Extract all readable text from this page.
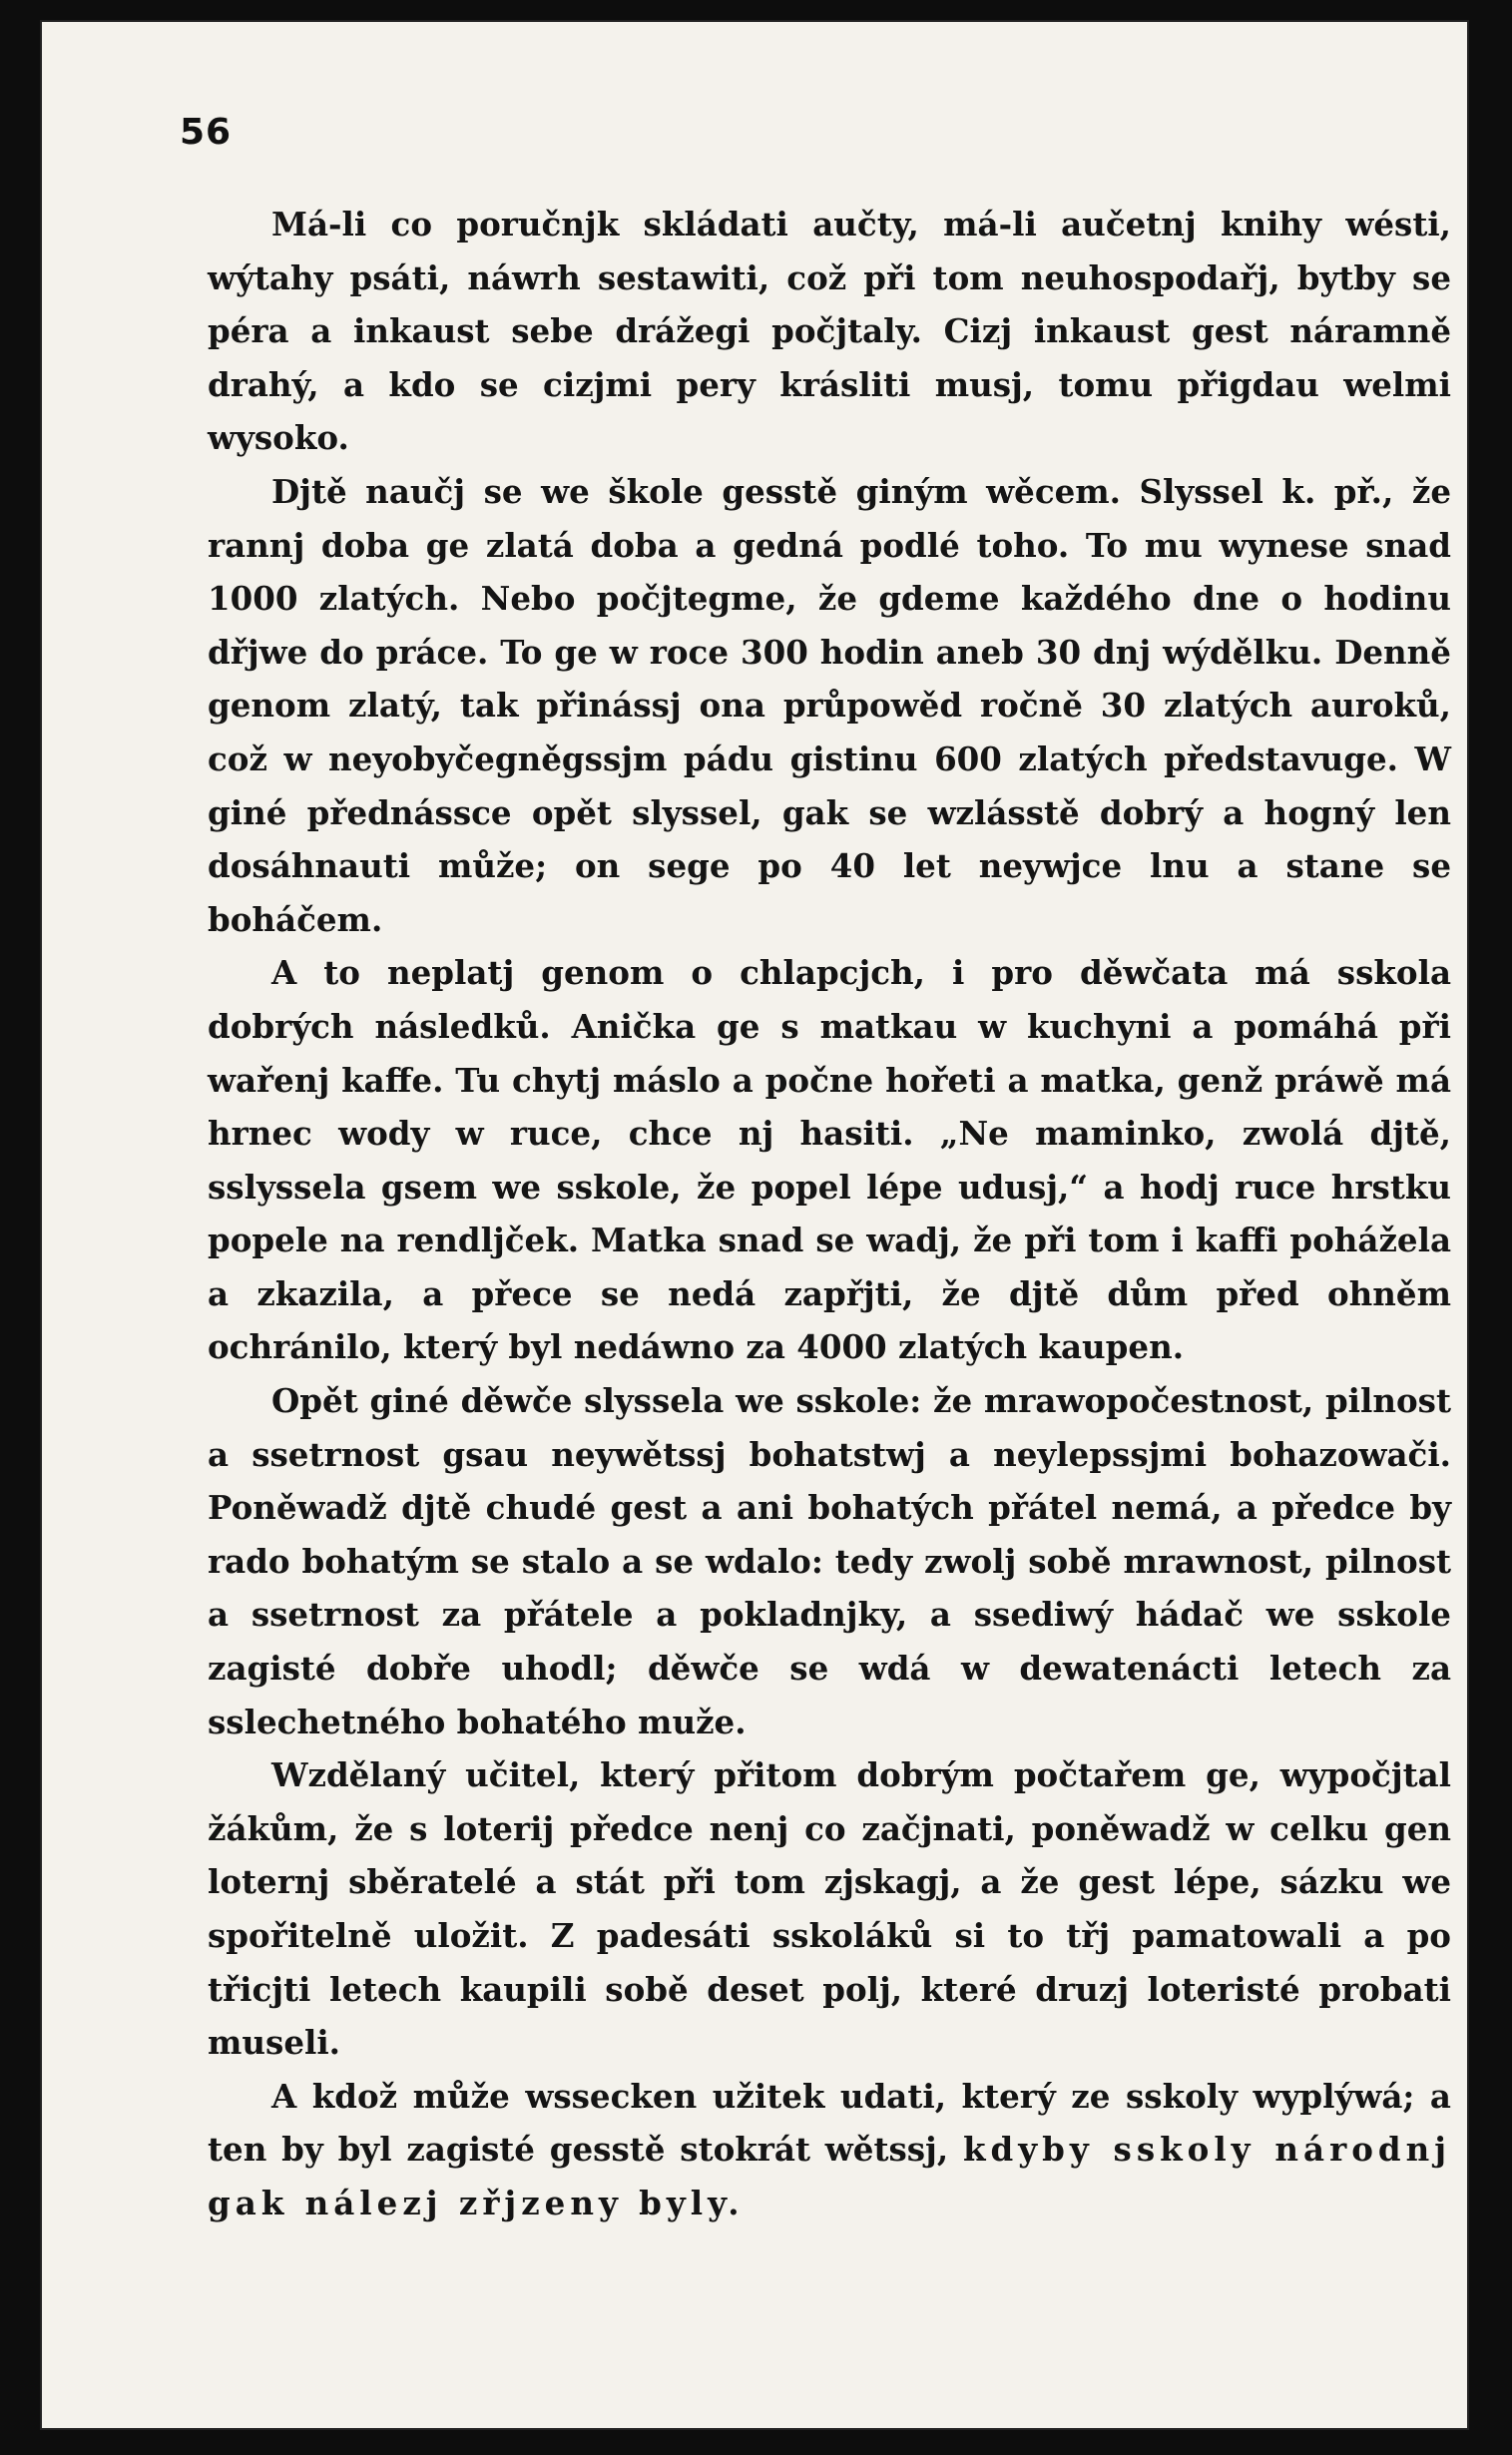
56

Má-li co poručnjk skládati aučty, má-li aučetnj knihy wésti, wýtahy psáti, náwrh sestawiti, což při tom neuhospodařj, bytby se péra a inkaust sebe drážegi počjtaly. Cizj inkaust gest náramně drahý, a kdo se cizjmi pery krásliti musj, tomu přigdau welmi wysoko.

Djtě naučj se we škole gesstě giným wěcem. Slyssel k. př., že rannj doba ge zlatá doba a gedná podlé toho. To mu wynese snad 1000 zlatých. Nebo počjtegme, že gdeme každého dne o hodinu dřjwe do práce. To ge w roce 300 hodin aneb 30 dnj wýdělku. Denně genom zlatý, tak přinássj ona průpowěd ročně 30 zlatých auroků, což w neyobyčegněgssjm pádu gistinu 600 zlatých představuge. W giné přednássce opět slyssel, gak se wzlásstě dobrý a hogný len dosáhnauti může; on sege po 40 let neywjce lnu a stane se boháčem.

A to neplatj genom o chlapcjch, i pro děwčata má sskola dobrých následků. Anička ge s matkau w kuchyni a pomáhá při wařenj kaffe. Tu chytj máslo a počne hořeti a matka, genž práwě má hrnec wody w ruce, chce nj hasiti. „Ne maminko, zwolá djtě, sslyssela gsem we sskole, že popel lépe udusj,“ a hodj ruce hrstku popele na rendljček. Matka snad se wadj, že při tom i kaffi pohážela a zkazila, a přece se nedá zapřjti, že djtě dům před ohněm ochránilo, který byl nedáwno za 4000 zlatých kaupen.

Opět giné děwče slyssela we sskole: že mrawopočestnost, pilnost a ssetrnost gsau neywětssj bohatstwj a neylepssjmi bohazowači. Poněwadž djtě chudé gest a ani bohatých přátel nemá, a předce by rado bohatým se stalo a se wdalo: tedy zwolj sobě mrawnost, pilnost a ssetrnost za přátele a pokladnjky, a ssediwý hádač we sskole zagisté dobře uhodl; děwče se wdá w dewatenácti letech za sslechetného bohatého muže.

Wzdělaný učitel, který přitom dobrým počtařem ge, wypočjtal žákům, že s loterij předce nenj co začjnati, poněwadž w celku gen loternj sběratelé a stát při tom zjskagj, a že gest lépe, sázku we spořitelně uložit. Z padesáti sskoláků si to třj pamatowali a po třicjti letech kaupili sobě deset polj, které druzj loteristé probati museli.

A kdož může wssecken užitek udati, který ze sskoly wyplýwá; a ten by byl zagisté gesstě stokrát wětssj, kdyby sskoly národnj gak nálezj zřjzeny byly.
